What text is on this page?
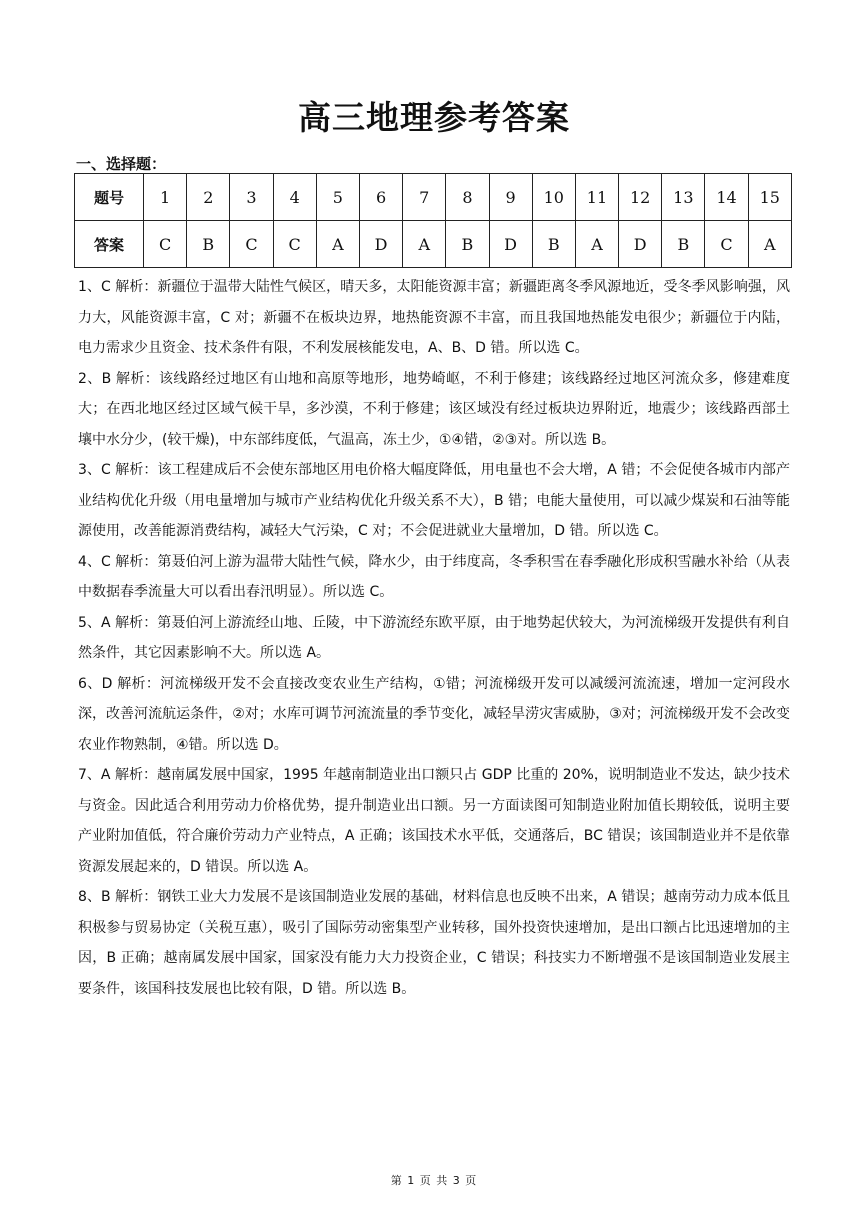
高三地理参考答案
一、选择题：
题号	1	2	3	4	5	6	7	8	9	10	11	12	13	14	15
答案	C	B	C	C	A	D	A	B	D	B	A	D	B	C	A

1、C 解析：新疆位于温带大陆性气候区，晴天多，太阳能资源丰富；新疆距离冬季风源地近，受冬季风影响强，风力大，风能资源丰富，C 对；新疆不在板块边界，地热能资源不丰富，而且我国地热能发电很少；新疆位于内陆，电力需求少且资金、技术条件有限，不利发展核能发电，A、B、D 错。所以选 C。

2、B 解析：该线路经过地区有山地和高原等地形，地势崎岖，不利于修建；该线路经过地区河流众多，修建难度大；在西北地区经过区域气候干旱，多沙漠，不利于修建；该区域没有经过板块边界附近，地震少；该线路西部土壤中水分少，(较干燥)，中东部纬度低，气温高，冻土少，①④错，②③对。所以选 B。

3、C 解析：该工程建成后不会使东部地区用电价格大幅度降低，用电量也不会大增，A 错；不会促使各城市内部产业结构优化升级（用电量增加与城市产业结构优化升级关系不大），B 错；电能大量使用，可以减少煤炭和石油等能源使用，改善能源消费结构，减轻大气污染，C 对；不会促进就业大量增加，D 错。所以选 C。

4、C 解析：第聂伯河上游为温带大陆性气候，降水少，由于纬度高，冬季积雪在春季融化形成积雪融水补给（从表中数据春季流量大可以看出春汛明显）。所以选 C。

5、A 解析：第聂伯河上游流经山地、丘陵，中下游流经东欧平原，由于地势起伏较大，为河流梯级开发提供有利自然条件，其它因素影响不大。所以选 A。

6、D 解析：河流梯级开发不会直接改变农业生产结构，①错；河流梯级开发可以减缓河流流速，增加一定河段水深，改善河流航运条件，②对；水库可调节河流流量的季节变化，减轻旱涝灾害威胁，③对；河流梯级开发不会改变农业作物熟制，④错。所以选 D。

7、A 解析：越南属发展中国家，1995 年越南制造业出口额只占 GDP 比重的 20%，说明制造业不发达，缺少技术与资金。因此适合利用劳动力价格优势，提升制造业出口额。另一方面读图可知制造业附加值长期较低，说明主要产业附加值低，符合廉价劳动力产业特点，A 正确；该国技术水平低，交通落后，BC 错误；该国制造业并不是依靠资源发展起来的，D 错误。所以选 A。

8、B 解析：钢铁工业大力发展不是该国制造业发展的基础，材料信息也反映不出来，A 错误；越南劳动力成本低且积极参与贸易协定（关税互惠），吸引了国际劳动密集型产业转移，国外投资快速增加，是出口额占比迅速增加的主因，B 正确；越南属发展中国家，国家没有能力大力投资企业，C 错误；科技实力不断增强不是该国制造业发展主要条件，该国科技发展也比较有限，D 错。所以选 B。

第 1 页 共 3 页
